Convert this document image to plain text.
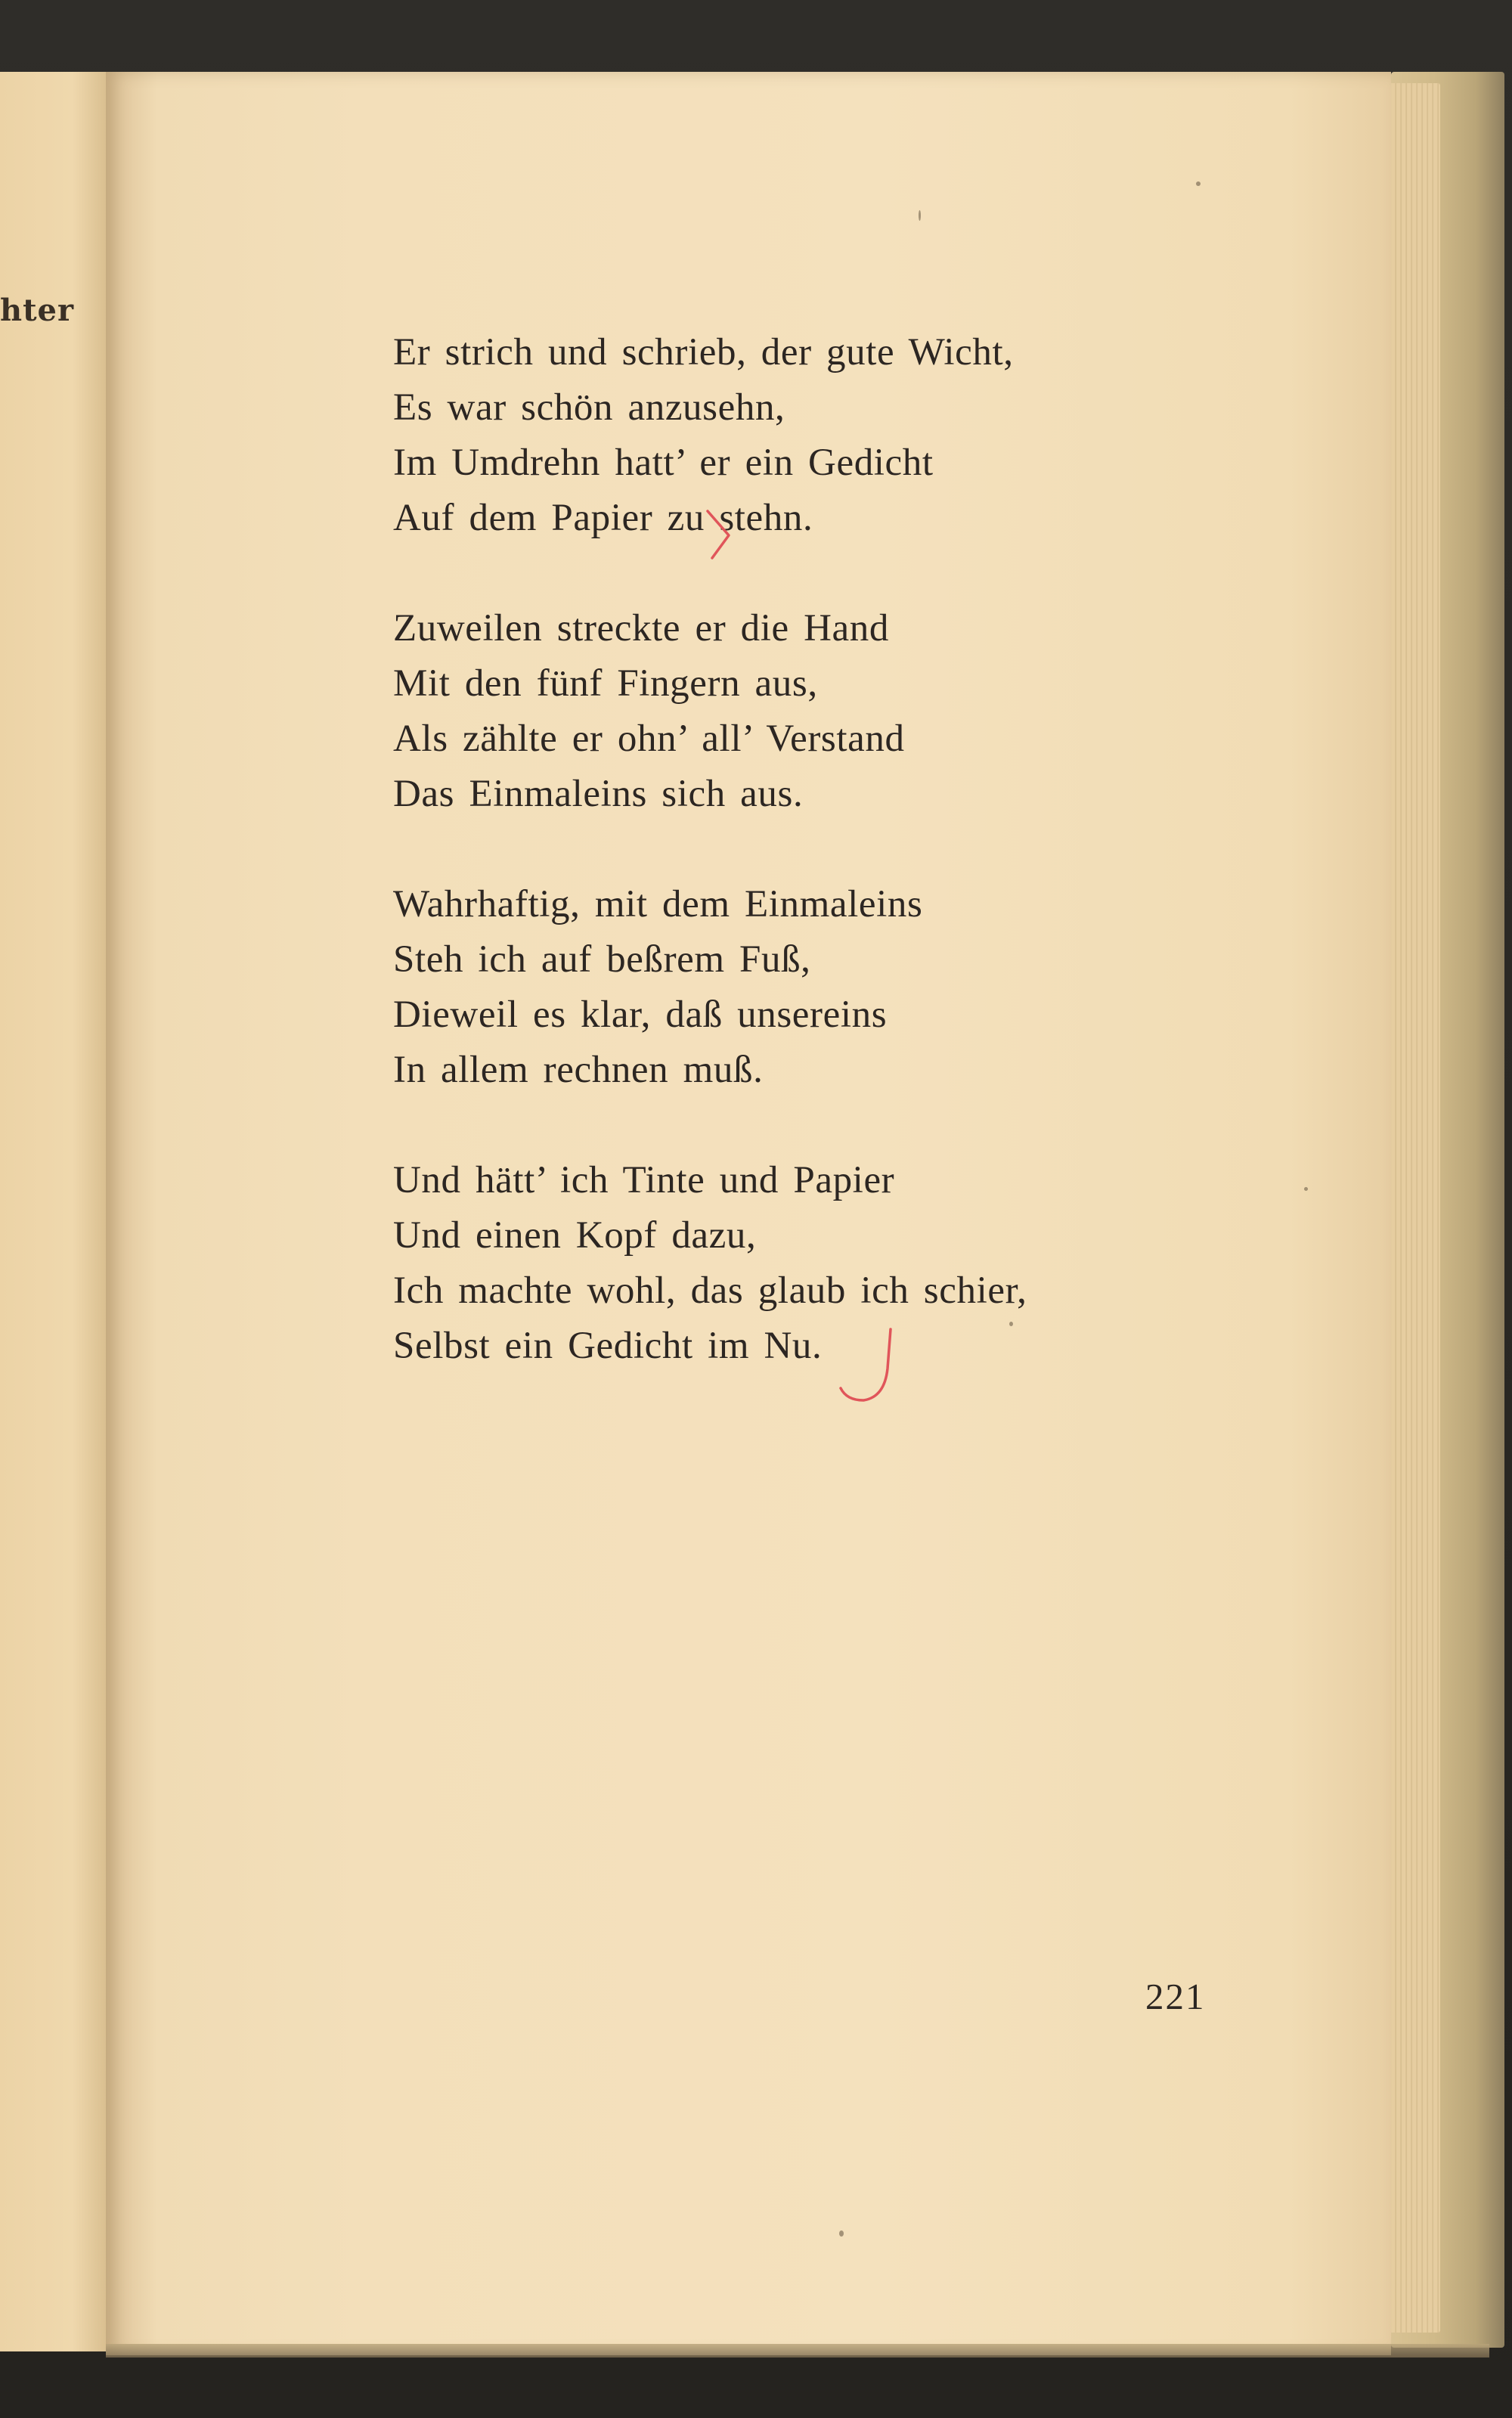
hter
Er strich und schrieb, der gute Wicht,
Es war schön anzusehn,
Im Umdrehn hatt’ er ein Gedicht
Auf dem Papier zu stehn.
Zuweilen streckte er die Hand
Mit den fünf Fingern aus,
Als zählte er ohn’ all’ Verstand
Das Einmaleins sich aus.
Wahrhaftig, mit dem Einmaleins
Steh ich auf beßrem Fuß,
Dieweil es klar, daß unsereins
In allem rechnen muß.
Und hätt’ ich Tinte und Papier
Und einen Kopf dazu,
Ich machte wohl, das glaub ich schier,
Selbst ein Gedicht im Nu.
221
